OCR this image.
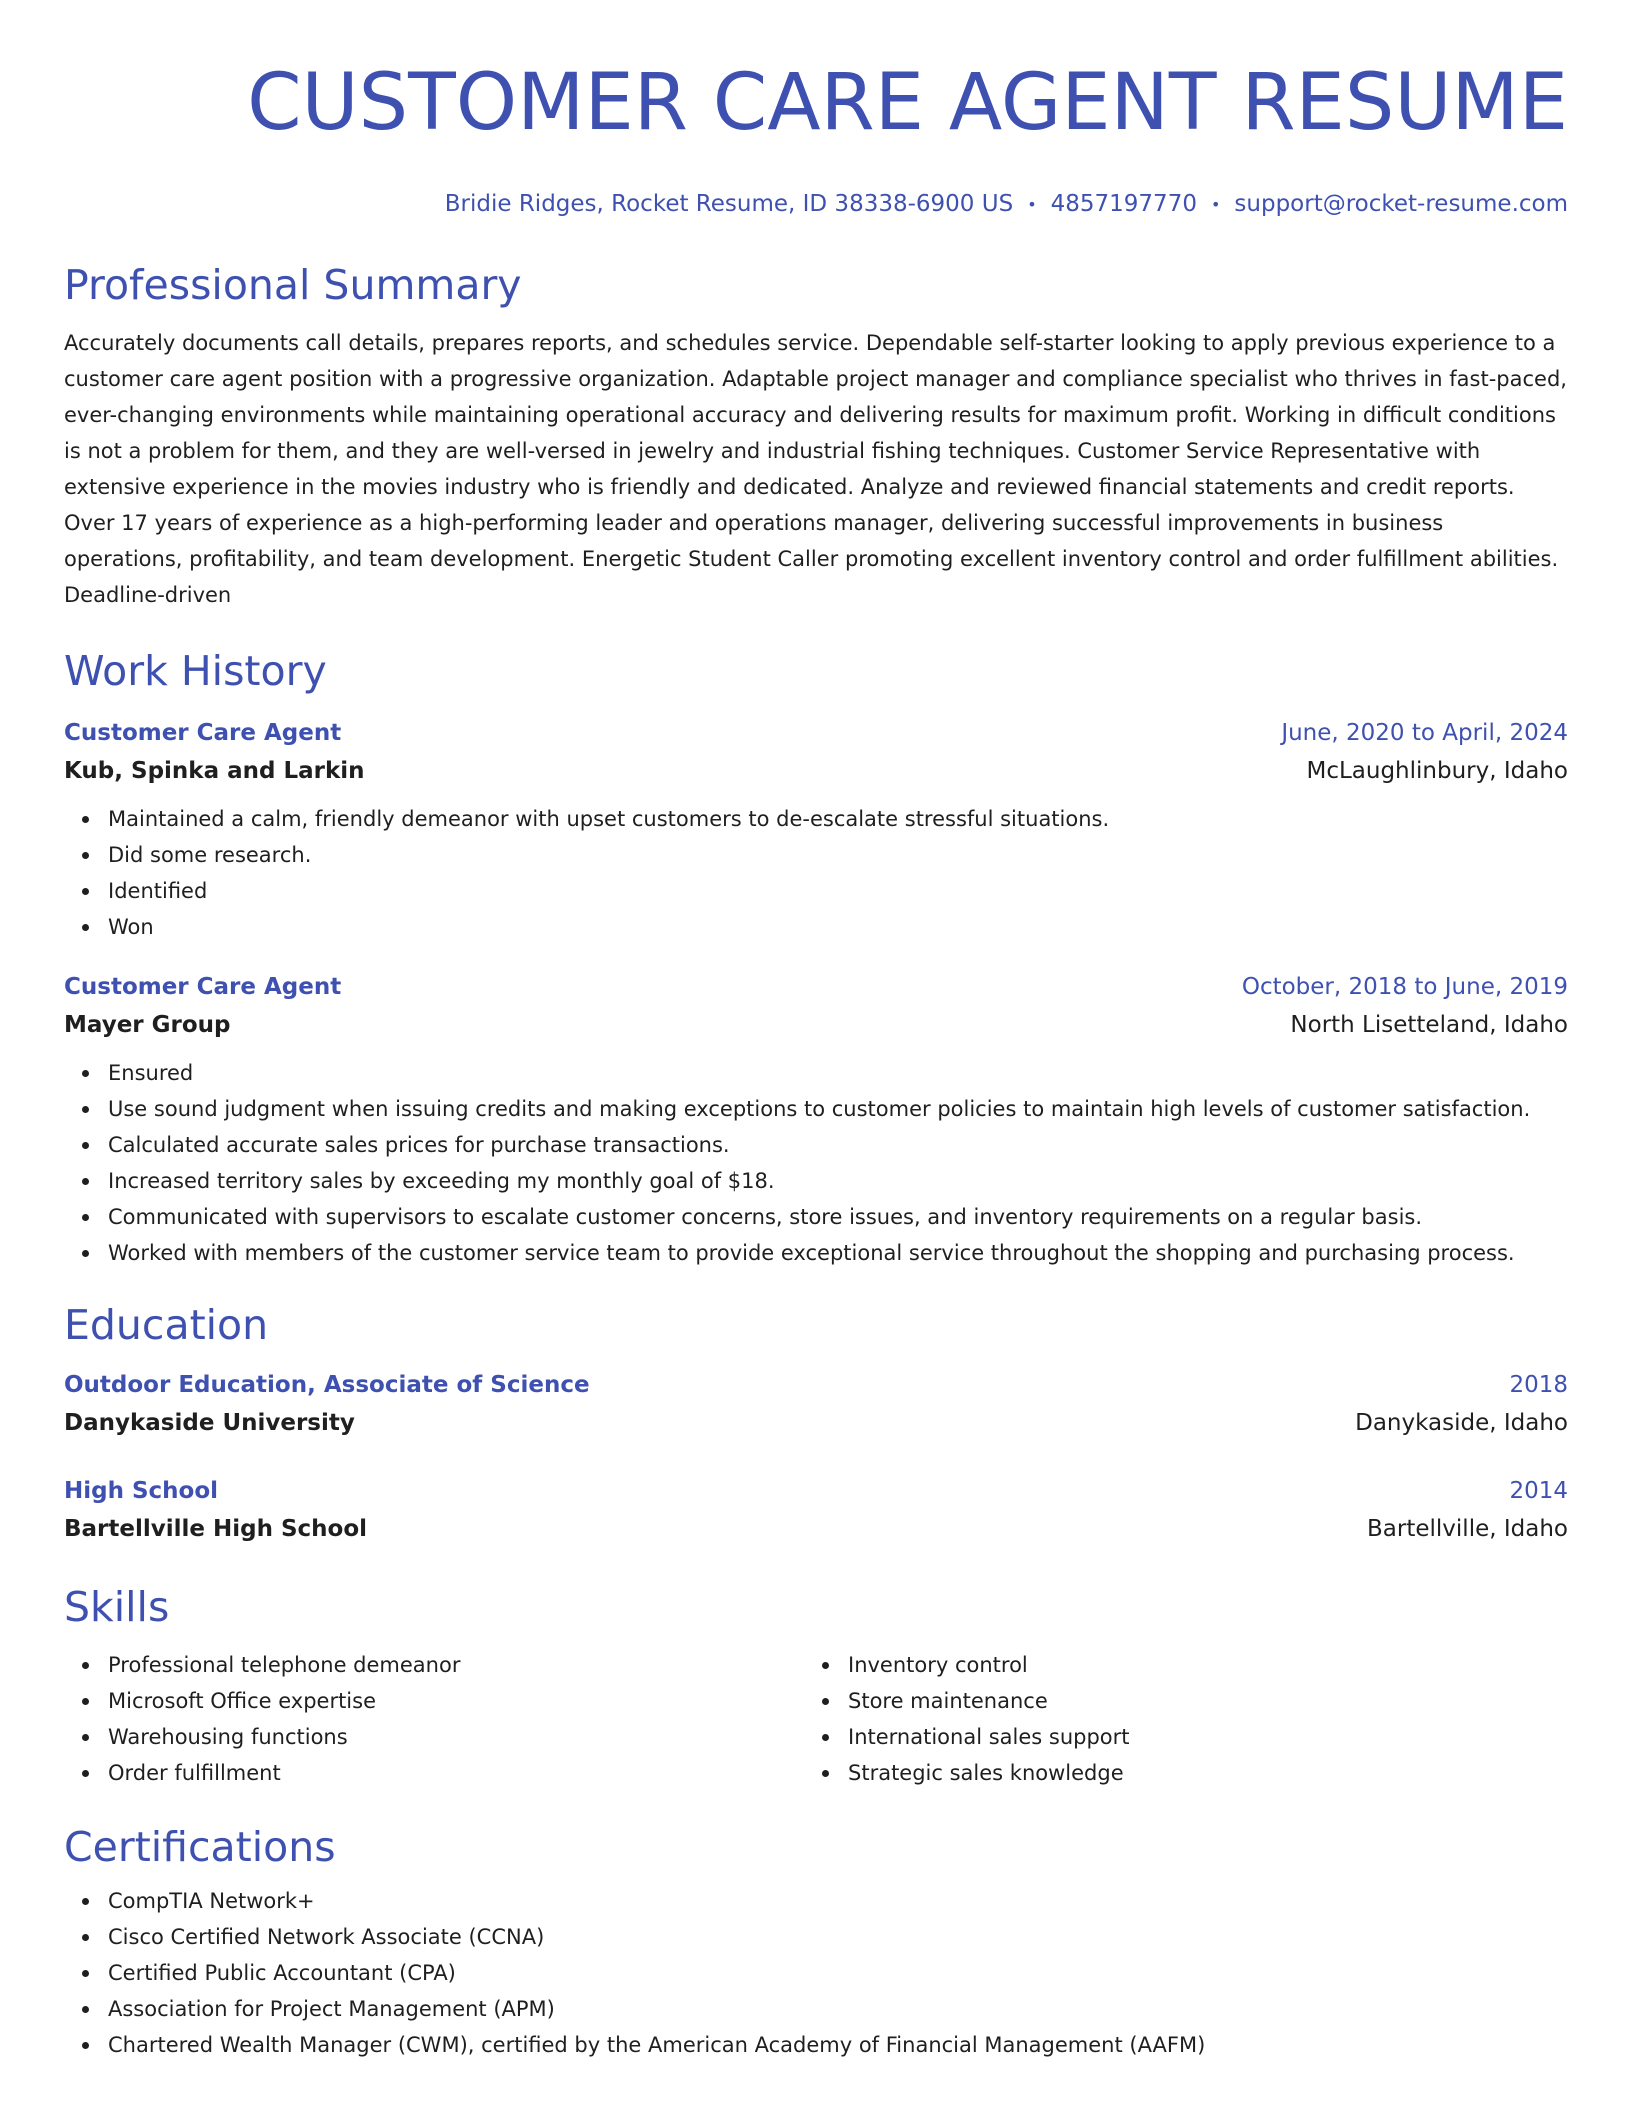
CUSTOMER CARE AGENT RESUME
Bridie Ridges, Rocket Resume, ID 38338-6900 US • 4857197770 • support@rocket-resume.com
Professional Summary

Accurately documents call details, prepares reports, and schedules service. Dependable self-starter looking to apply previous experience to a customer care agent position with a progressive organization. Adaptable project manager and compliance specialist who thrives in fast-paced, ever-changing environments while maintaining operational accuracy and delivering results for maximum profit. Working in difficult conditions is not a problem for them, and they are well-versed in jewelry and industrial fishing techniques. Customer Service Representative with extensive experience in the movies industry who is friendly and dedicated. Analyze and reviewed financial statements and credit reports. Over 17 years of experience as a high-performing leader and operations manager, delivering successful improvements in business operations, profitability, and team development. Energetic Student Caller promoting excellent inventory control and order fulfillment abilities. Deadline-driven

Work History
Customer Care Agent	June, 2020 to April, 2024
Kub, Spinka and Larkin	McLaughlinbury, Idaho
Maintained a calm, friendly demeanor with upset customers to de-escalate stressful situations.
Did some research.
Identified
Won
Customer Care Agent	October, 2018 to June, 2019
Mayer Group	North Lisetteland, Idaho
Ensured
Use sound judgment when issuing credits and making exceptions to customer policies to maintain high levels of customer satisfaction.
Calculated accurate sales prices for purchase transactions.
Increased territory sales by exceeding my monthly goal of $18.
Communicated with supervisors to escalate customer concerns, store issues, and inventory requirements on a regular basis.
Worked with members of the customer service team to provide exceptional service throughout the shopping and purchasing process.
Education
Outdoor Education, Associate of Science	2018
Danykaside University	Danykaside, Idaho
High School	2014
Bartellville High School	Bartellville, Idaho
Skills
Professional telephone demeanor
Microsoft Office expertise
Warehousing functions
Order fulfillment
Inventory control
Store maintenance
International sales support
Strategic sales knowledge
Certifications
CompTIA Network+
Cisco Certified Network Associate (CCNA)
Certified Public Accountant (CPA)
Association for Project Management (APM)
Chartered Wealth Manager (CWM), certified by the American Academy of Financial Management (AAFM)
